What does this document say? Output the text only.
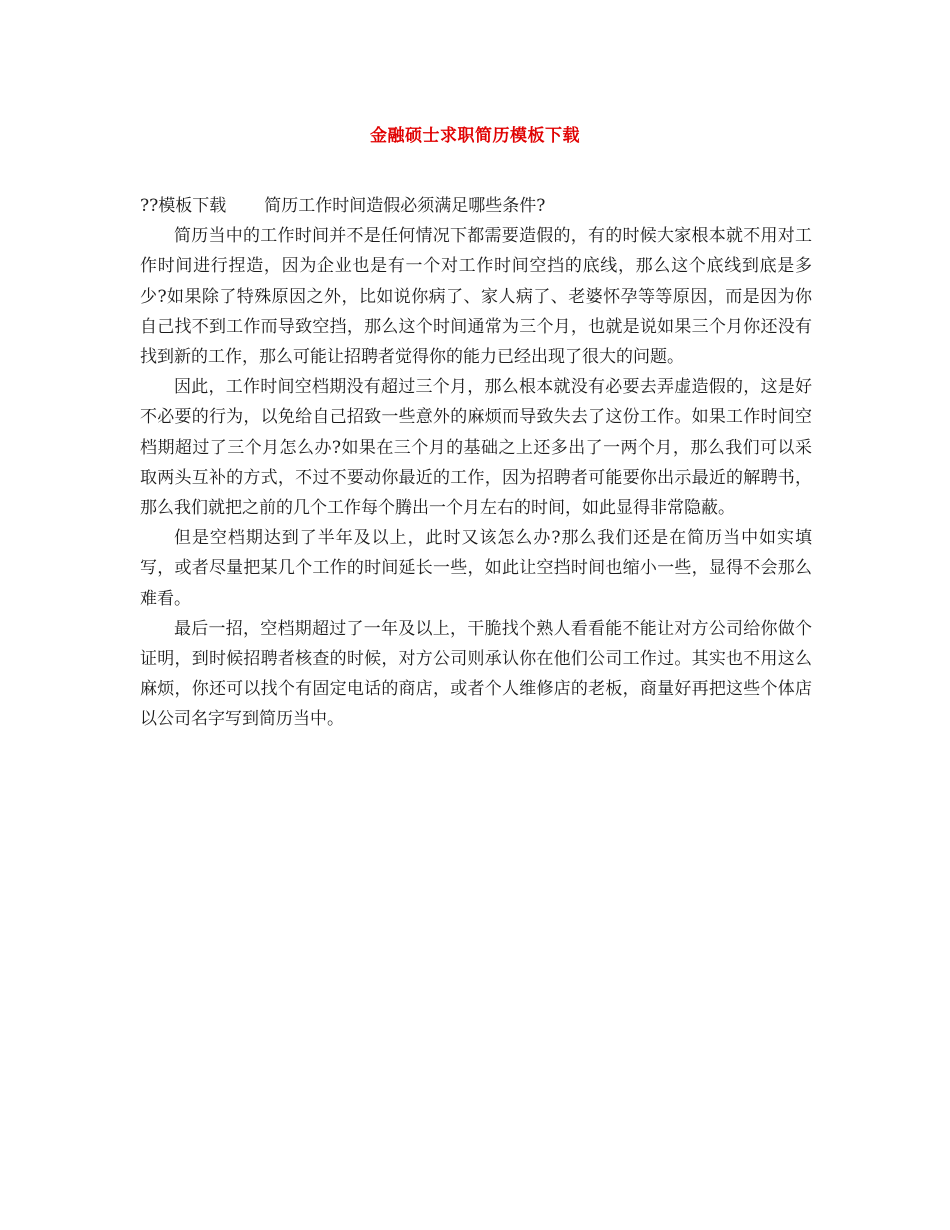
金融硕士求职简历模板下载

??模板下载 简历工作时间造假必须满足哪些条件?

简历当中的工作时间并不是任何情况下都需要造假的，有的时候大家根本就不用对工作时间进行捏造，因为企业也是有一个对工作时间空挡的底线，那么这个底线到底是多少?如果除了特殊原因之外，比如说你病了、家人病了、老婆怀孕等等原因，而是因为你自己找不到工作而导致空挡，那么这个时间通常为三个月，也就是说如果三个月你还没有找到新的工作，那么可能让招聘者觉得你的能力已经出现了很大的问题。

因此，工作时间空档期没有超过三个月，那么根本就没有必要去弄虚造假的，这是好不必要的行为，以免给自己招致一些意外的麻烦而导致失去了这份工作。如果工作时间空档期超过了三个月怎么办?如果在三个月的基础之上还多出了一两个月，那么我们可以采取两头互补的方式，不过不要动你最近的工作，因为招聘者可能要你出示最近的解聘书，那么我们就把之前的几个工作每个腾出一个月左右的时间，如此显得非常隐蔽。

但是空档期达到了半年及以上，此时又该怎么办?那么我们还是在简历当中如实填写，或者尽量把某几个工作的时间延长一些，如此让空挡时间也缩小一些，显得不会那么难看。

最后一招，空档期超过了一年及以上，干脆找个熟人看看能不能让对方公司给你做个证明，到时候招聘者核查的时候，对方公司则承认你在他们公司工作过。其实也不用这么麻烦，你还可以找个有固定电话的商店，或者个人维修店的老板，商量好再把这些个体店以公司名字写到简历当中。
